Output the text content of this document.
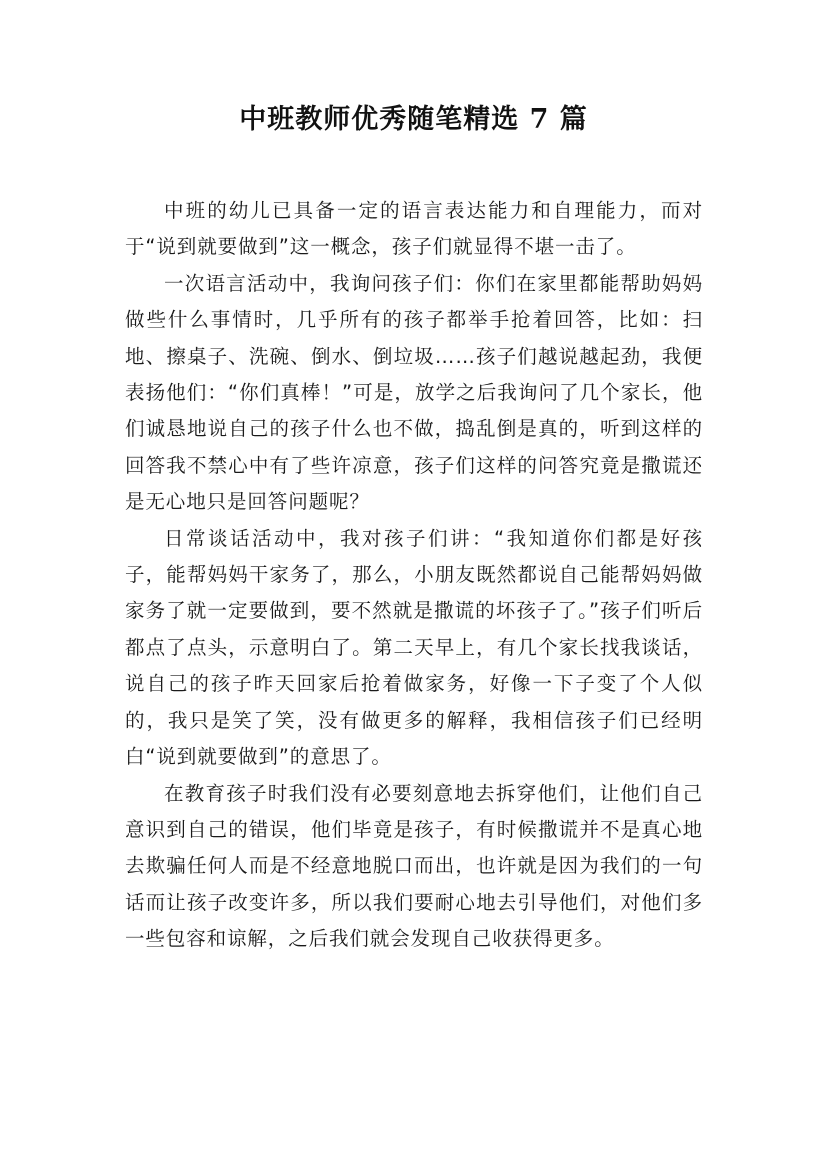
中班教师优秀随笔精选 7 篇

中班的幼儿已具备一定的语言表达能力和自理能力，而对于“说到就要做到”这一概念，孩子们就显得不堪一击了。

一次语言活动中，我询问孩子们：你们在家里都能帮助妈妈做些什么事情时，几乎所有的孩子都举手抢着回答，比如：扫地、擦桌子、洗碗、倒水、倒垃圾……孩子们越说越起劲，我便表扬他们：“你们真棒！”可是，放学之后我询问了几个家长，他们诚恳地说自己的孩子什么也不做，捣乱倒是真的，听到这样的回答我不禁心中有了些许凉意，孩子们这样的问答究竟是撒谎还是无心地只是回答问题呢？

日常谈话活动中，我对孩子们讲：“我知道你们都是好孩子，能帮妈妈干家务了，那么，小朋友既然都说自己能帮妈妈做家务了就一定要做到，要不然就是撒谎的坏孩子了。”孩子们听后都点了点头，示意明白了。第二天早上，有几个家长找我谈话，说自己的孩子昨天回家后抢着做家务，好像一下子变了个人似的，我只是笑了笑，没有做更多的解释，我相信孩子们已经明白“说到就要做到”的意思了。

在教育孩子时我们没有必要刻意地去拆穿他们，让他们自己意识到自己的错误，他们毕竟是孩子，有时候撒谎并不是真心地去欺骗任何人而是不经意地脱口而出，也许就是因为我们的一句话而让孩子改变许多，所以我们要耐心地去引导他们，对他们多一些包容和谅解，之后我们就会发现自己收获得更多。
